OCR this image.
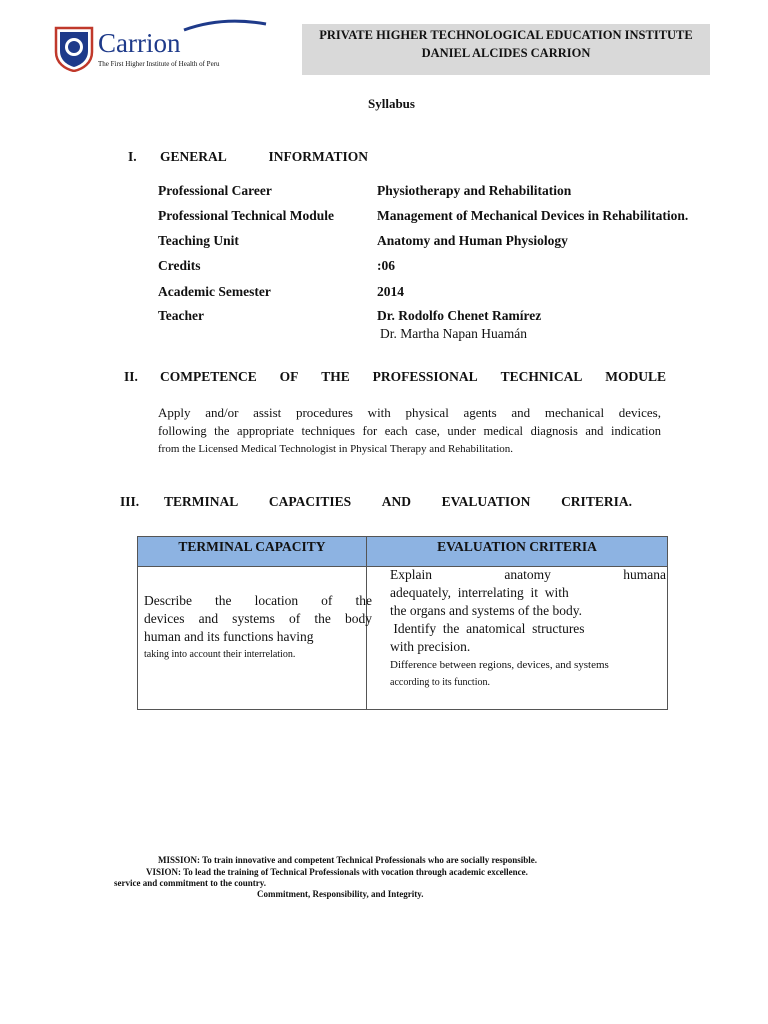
Carrion
The First Higher Institute of Health of Peru
PRIVATE HIGHER TECHNOLOGICAL EDUCATION INSTITUTE
DANIEL ALCIDES CARRION
Syllabus
I. GENERAL	INFORMATION
Professional Career	Physiotherapy and Rehabilitation
Professional Technical Module	Management of Mechanical Devices in Rehabilitation.
Teaching Unit	Anatomy and Human Physiology
Credits	:06
Academic Semester	2014
Teacher	Dr. Rodolfo Chenet Ramírez
Dr. Martha Napan Huamán
II. COMPETENCE OF THE PROFESSIONAL TECHNICAL MODULE
Apply and/or assist procedures with physical agents and mechanical devices,
following the appropriate techniques for each case, under medical diagnosis and indication
from the Licensed Medical Technologist in Physical Therapy and Rehabilitation.
III. TERMINAL CAPACITIES AND EVALUATION CRITERIA.
TERMINAL CAPACITY	EVALUATION CRITERIA
Describe the location of the
devices and systems of the body
human and its functions having
taking into account their interrelation.
Explain	anatomy	humana
adequately,  interrelating  it  with
the organs and systems of the body.
Identify  the  anatomical  structures
with precision.
Difference between regions, devices, and systems
according to its function.
MISSION: To train innovative and competent Technical Professionals who are socially responsible.
VISION: To lead the training of Technical Professionals with vocation through academic excellence.
service and commitment to the country.
Commitment, Responsibility, and Integrity.
